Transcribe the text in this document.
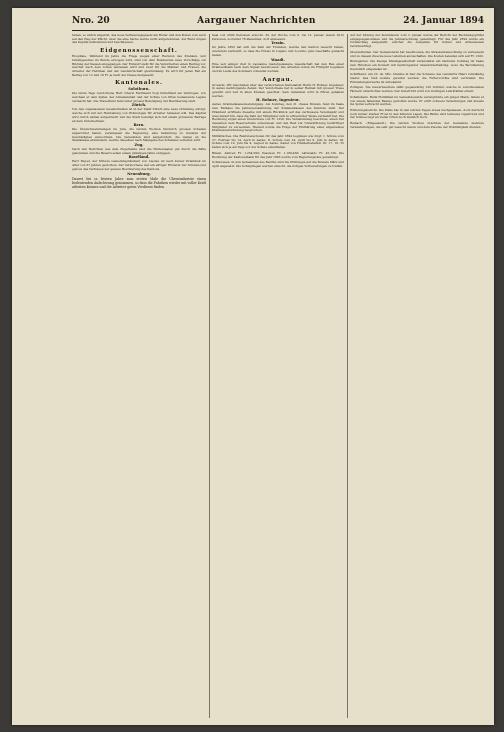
Nro. 20	Aargauer Nachrichten	24. Januar 1894

haben, so ablich abgelöst, das neue Verfassungsgesetz am Ruder und den Boden vom auch auf den Weg der Pflicht. Aber die eine Sache wurde nicht aufgenommen, der Bund mögen das Kapital aufkommen und beschliessen.

Eidgenossenschaft.

Hospitale. Während im Jahre die Frage wegen einer Revision des Kranken- und Unfallgesetzes im Bunde erwogen wird, sind von dem Bundesrate neue Vorschläge zur Bildung der Kassen eingegangen. Der Entwurf sieht für die Versicherten einen Beitrag vor, welcher nach dem Lohne bemessen wird und zwar für die Männer und Frauen, die Arbeiter der Fabriken und der Landwirtschaft gleichmässig. Es wird für jeden Fall ein Betrag von 12 und 18 Fr. je nach der Classe festgesetzt.

Kantonales.
Solothurn.

Die letzte Tage verstorbene Herr Oberst Ferdinand Vogt hinterlässt ein Vermögen, von welchem er dem Spital, der Armenanstalt und der Schule von Olten bedeutende Legate vermacht hat. Die Trauerfeier fand unter grosser Beteiligung der Bevölkerung statt.

Zürich.

Von den zugelassenen Gesellschaften ist in der Stadt Zürich eine neue Gründung erfolgt, welche sich mit der Herstellung von Wohnungen für Arbeiter befassen will. Das Kapital wird durch Aktien aufgebracht und die Stadt beteiligt sich mit einem grösseren Betrage an dem Unternehmen.

Bern.

Die Überschwemmungen im Jura, die letzten Wochen hindurch grossen Schaden angerichtet haben, veranlassen die Regierung, eine Sammlung zu Gunsten der Geschädigten anzuordnen. Die Gemeinden sind aufgefordert, die Gaben an die Staatskasse abzuliefern, welche dieselben nach Massgabe des Schadens verteilen wird.

Zug.

Nach den Berichten aus dem Zugerlande sind die Wintersaaten gut durch die Kälte gekommen und die Bauern sehen einem günstigen Jahre entgegen.

Baselland.

Herr Meyer, der frühere Gemeindepräsident von Liestal, ist nach kurzer Krankheit im Alter von 67 Jahren gestorben. Der Verstorbene war ein eifriger Förderer der Schulen und genoss das Vertrauen der ganzen Bevölkerung des Kantons.

Neuenburg.

Dauert bei in letzten Jahre zum ersten Male die Uhrenindustrie einen bedeutenden Aufschwung genommen, so dass die Fabriken wieder mit voller Kraft arbeiten können und die Arbeiter guten Verdienst finden.

Saal von 2000 Personen ersucht. Zu der Woche vom 6. bis 12. Januar waren 2012 Personen, worunter 76 Passanten, dort anwesend.

Tessin.

Im Jahre 1893 hat sich die Zahl der Fremden, welche den Kanton besucht haben, wiederum vermehrt, so dass die Hotels in Lugano und Locarno gute Geschäfte gemacht haben.

Waadt.

Eine seit einiger Zeit in Lausanne niedergelassene Gesellschaft hat den Bau einer Drahtseilbahn nach dem Signal beschlossen. Die Arbeiten sollen im Frühjahr beginnen und im Laufe des Sommers vollendet werden.

Aargau.

Grossrat. Wir bekommen über den verstorbenen Nationalrat Herrn H. Rohner, Ingenieur, in Aarau nachfolgende Zeilen: Der Verstorbene hat in seiner Heimat mit grosser Treue gewirkt und war in allen Kreisen geachtet. Sein Andenken wird in Ehren gehalten werden.

H. Rohner, Ingenieur.

Aarau. Krankenkassenvereinigung. Am Sonntag, den 21. dieses Monats, fand im Saale zum Rathaus die Jahresversammlung der Krankenkassen des Kantons statt. Der Präsident eröffnete dieselbe mit einem Rückblick auf das verflossene Vereinsjahr und wies darauf hin, dass die Zahl der Mitglieder sich in erfreulicher Weise vermehrt hat. Die Rechnung ergab einen Überschuss von Fr. 1250. Die Versammlung beschloss, einen Teil desselben dem Reservefonds zuzuweisen und den Rest zur Unterstützung bedürftiger Mitglieder zu verwenden. Hierauf wurde die Frage der Einführung einer allgemeinen Krankenversicherung besprochen.

Militärisches. Die Rekrutenschulen für das Jahr 1894 beginnen wie folgt: I. Schule vom 27. Februar bis 14. April in Aarau; II. Schule vom 24. April bis 9. Juni in Aarau; III. Schule vom 19. Juni bis 4. August in Aarau. Kader von Füsilierbataillon Nr. 17, 18, 55 haben sich je am Tage vor der Schule einzufinden.

Bilanz. Aktiven Fr. 1,234,560; Passiven Fr. 1,189,430; Aktivsaldo Fr. 45,130. Die Rechnung der Kantonalbank für das Jahr 1893 wurde vom Regierungsrate genehmigt.

Schulwesen. In den Gemeinden des Bezirks sind die Prüfungen auf die Monate März und April angesetzt. Die Schulpflegen werden ersucht, die nötigen Vorbereitungen zu treffen.

Auf der Sitzung der Kommission vom 2. Januar wurde der Bericht der Rechnungsprüfer entgegengenommen und die Jahresrechnung genehmigt. Für das Jahr 1894 wurde ein Voranschlag aufgestellt, welcher die Ausgaben für Schule und Armenwesen berücksichtigt.

Oberentfelden. Der Gemeinderat hat beschlossen, die Strassenbeleuchtung zu verbessern und zu diesem Zwecke neue Laternen anzuschaffen. Die Kosten belaufen sich auf Fr. 1200.

Bremgarten. Die hiesige Musikgesellschaft veranstaltet am nächsten Sonntag im Saale zum Hirschen ein Konzert mit nachfolgender Abendunterhaltung, wozu die Bevölkerung freundlich eingeladen ist.

Schöftland. Am 22. ds. Mts. brannte in hier die Scheune des Landwirts Hauri vollständig nieder. Das Vieh konnte gerettet werden; die Futtervorräte sind verbrannt. Die Entstehungsursache ist unbekannt.

Zofingen. Die Gewerbeschule zählt gegenwärtig 120 Schüler, welche in verschiedenen Fächern unterrichtet werden. Der Unterricht wird von tüchtigen Lehrkräften erteilt.

Schafisheim. Beim Holzfällen im Gemeindewalde verunglückte ein junger Mann, indem er von einem fallenden Baume getroffen wurde. Er erlitt schwere Verletzungen und musste ins Spital verbracht werden.

Witterungsbericht. Die Kälte hat in den letzten Tagen etwas nachgelassen, doch herrscht noch immer starker Frost in den höheren Lagen. Die Bäche sind teilweise zugefroren und der Schnee liegt an vielen Orten noch ziemlich hoch.

Reinach. (Eingesandt.) Die letzten Wochen brachten der Gemeinde mehrere Veranstaltungen, die sehr gut besucht waren und dem Zwecke der Wohltätigkeit dienten.
